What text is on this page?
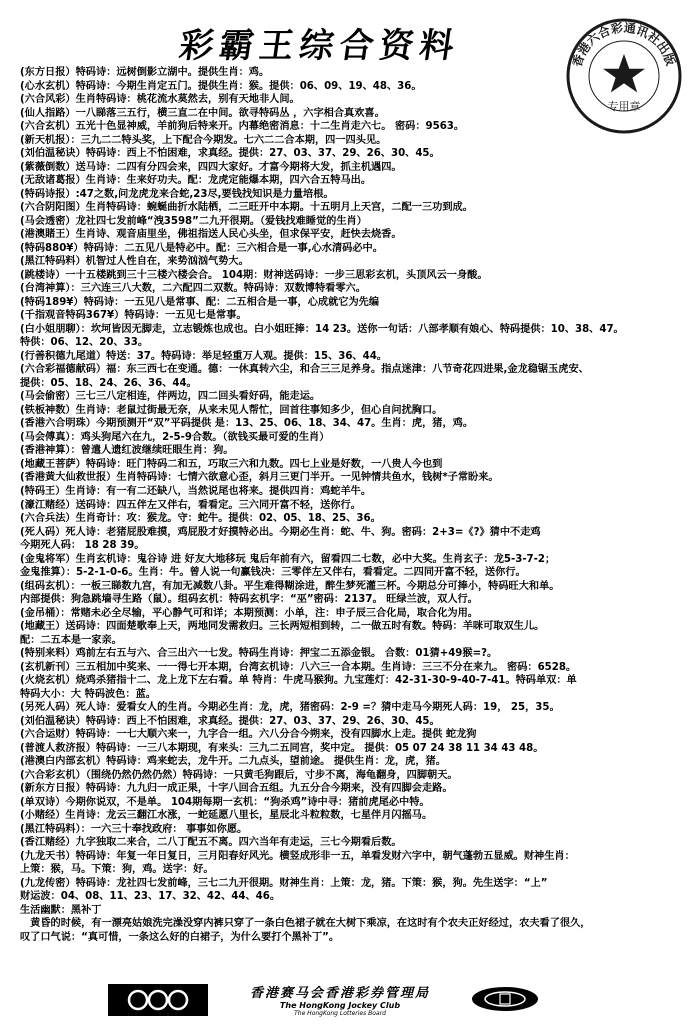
彩霸王综合资料	香港六合彩通讯社出版
专用章
(东方日报）特码诗：远树倒影立湖中。提供生肖：鸡。
(心水玄机）特码诗：今期生肖定五门。提供生肖：猴。提供：06、09、19、48、36。
(六合风彩）生肖特码诗：桃花流水莫然去，别有天地非人间。
(仙人指路）一八睇落三五行，横三直二在中间。欲寻特码丛 ，六字相合真欢喜。
(六合玄机）五光十色显神威，羊前狗后特来开。内幕绝密消息：十二生肖走六七。 密码：9563。
(新天机报）：三九二二特头奖，上下配合今期发。七六二二合本期，四一四头见。
(刘伯温秘诀）特码诗：西上不怕困难，求真经。提供：27、03、37、29、26、30、45。
(紫薇倒数）送马诗：二四有分四会来，四四大家好。才富今期将大发，抓主机遇四。
(无敌诸葛报）生肖诗：生来好功夫。配：龙虎定能爆本期，四六合五特马出。
(特码诗报）:47之数,问龙虎龙来合蛇,23尽,要钱找知识是力量培根。
(六合阴阳图）生肖特码诗：蜿蜒曲折水陆栖，二三旺开中本期。十五明月上天宫，二配一三功到成。
(马会透密）龙社四七发前峰“洩3598”二九开很期。（爱钱找难睡觉的生肖）
(港澳賭王）生肖诗、观音庙里坐，佛祖指送人民心头坐，但求保平安，赶快去烧香。
(特码880¥）特码诗：二五见八是特必中。配：三六相合是一事,心水清码必中。
(黑江特码料）机智过人性自在，来势汹汹气势大。
(跳楼诗）一十五楼跳到三十三楼六楼会合。 104期：财神送码诗：一步三思彩玄机，头顶风云一身酸。
(台湾神算）：三六连三八大数，二六配四二双数。特码诗：双数博特看零六。
(特码189¥）特码诗：一五见八是常事、配：二五相合是一事，心成就它为先编
(千指观音特码367¥）特码诗：一五见七是常事。
(白小姐朋聊）：坎坷皆因无脚走，立志锻炼也成也。白小姐旺捧：14 23。送你一句话：八部孝顺有娘心、特码提供：10、38、47。
特供：06、12、20、33。
(行善积德九尾道）特送：37。特码诗：举足轻重万人观。提供：15、36、44。
(六合彩福德献码）福：东三西七在变通。德：一休真转六尘，和合三三足养身。指点迷津：八节奇花四进果,金龙稳锯玉虎安、
提供：05、18、24、26、36、44。
(马会偷密）三七三八定相连，伴两边，四二回头看好码，能走运。
(铁板神数）生肖诗：老鼠过街最无奈，从来未见人帮忙，回首往事知多少，但心自问扰胸口。
(香港六合明珠）今期预测开“双”平码提供 是：13、25、06、18、34、47。生肖：虎，猪，鸡。
(马会傅真）：鸡头狗尾六在九，2-5-9合数。（欲钱买最可爱的生肖）
(香港神算）：曾遣人遗红波继续旺眼生肖：狗。
(地藏王菩萨）特码诗：旺门特码二和五，巧取三六和九数。四七上业是好数，一八贵人今也到
(香港黄大仙救世报）生肖特码诗：七情六欲意心歪，斜月三更门半开。一见钟情共鱼水，钱树*子常盼来。
(特码王）生肖诗：有一有二还缺八，当然说尾也将来。提供四肖：鸡蛇羊牛。
(濠江赌经）送码诗：四五伴左又伴右，看看定。三六同开富不轻，送你行。
(六合兵法）生肖奇计：攻：猴龙。守：蛇牛。提供：02、05、18、25、36。
(死人码）死人诗：老猪屁股难摸，鸡屁股才好摸特必出。今期必生肖：蛇、牛、狗。密码：2+3=《?》猜中不走鸡
今期死人码： 18 28 39。
(金鬼将军）生肖玄机诗：鬼谷诗 进 好友大地移玩 鬼后年前有六，留看四二七数，必中大奖。生肖玄子：龙5-3-7-2；
金鬼推算）：5-2-1-0-6。生肖：牛。曾人说一句赢钱决：三零伴左又伴右，看看定。二四同开富不轻，送你行。
(组码玄机）：一板三睇数九宫，有加无减数八卦。平生难得糊涂进，醉生梦死灌三杯。今期总分可捧小，特码旺大和单。
内部提供：狗急跳墙寻生路（鼠）。组码玄机：特码玄机字：“巫”密码：2137。 旺绿兰波，双人行。
(金吊桶）：常赌未必全尽输，平心静气可和详；本期预测：小单，注：申子辰三合化局，取合化为用。
(地藏王）送码诗：四面楚歌奉上天，两地同发需救归。三长两短相到转，二一做五时有数。特码：羊咪可取双生儿。
配：二五本是一家亲。
(特别来料）鸡前左右五与六、合三出六一七发。特码生肖诗：押宝二五添金银。 合数：01猜+49猴=?。
(玄机新刊）三五相加中奖来、一一得七开本期，台湾玄机诗：八六三一合本期。生肖诗：三三不分在来九。 密码：6528。
(火烧玄机）烧鸡杀猪指十二、龙上龙下左右看。单 特肖：牛虎马猴狗。九宝莲灯：42-31-30-9-40-7-41。特码单双：单
特码大小：大 特码波色：蓝。
(另死人码）死人诗：爱看女人的生肖。今期必生肖：龙，虎，猪密码：2-9 =？猜中走马今期死人码：19， 25，35。
(刘伯温秘诀）特码诗：西上不怕困难，求真经。提供：27、03、37、29、26、30、45。
(六合运财）特码诗：一七大顺六来一，九字合一组。六八分合今朔来，没有四脚水上走。提供 蛇龙狗
(普渡人救济报）特码诗：一三八本期现，有来头：三九二五同宫，奖中定。 提供：05 07 24 38 11 34 43 48。
(港澳白内部玄机）特码诗：鸡来蛇去，龙牛开。二九点头，望前途。 提供生肖：龙，虎，猪。
(六合彩玄机）（围绕仍然仍然仍然）特码诗：一只黄毛狗跟后，寸步不离，海龟翻身，四脚朝天。
(新东方日报）特码诗：九九归一成正果，十字八回合五组。九五分合今期来，没有四脚会走路。
(单双诗）今期你说双，不是单。 104期每期一玄机：“狗杀鸡”诗中寻：猪前虎尾必中特。
(小赌经）生肖诗：龙云三翻江水涨，一蛇延愿八里长，星辰北斗粒粒数，七星伴月闪摇马。
(黑江特码料）：一六三十奉找政府： 事事如你愿。
(香江赌经）九字独取二来合，二八丁配五不离。四六当年有走运，三七今期看后数。
(九龙天书）特码诗：年复一年日复日，三月阳春好风光。横竖成形非一五，单看发财六字中，朝气蓬勃五显威。财神生肖：
上策：猴，马。下策：狗，鸡。送字：好。
(九龙传密）特码诗：龙社四七发前峰，三七二九开很期。财神生肖：上策：龙，猪。下策：猴，狗。先生送字：“上”
财运波：04、08、11、23、17、32、42、44、46。
生活幽默：黑补丁
　黄昏的时候，有一漂亮姑娘洗完澡没穿内裤只穿了一条白色裙子就在大树下乘凉，在这时有个农夫正好经过，农夫看了很久，
叹了口气说：“真可惜，一条这么好的白裙子，为什么要打个黑补丁”。
香港赛马会香港彩券管理局
The HongKong Jockey Club
The HongKong Lotteries Board
